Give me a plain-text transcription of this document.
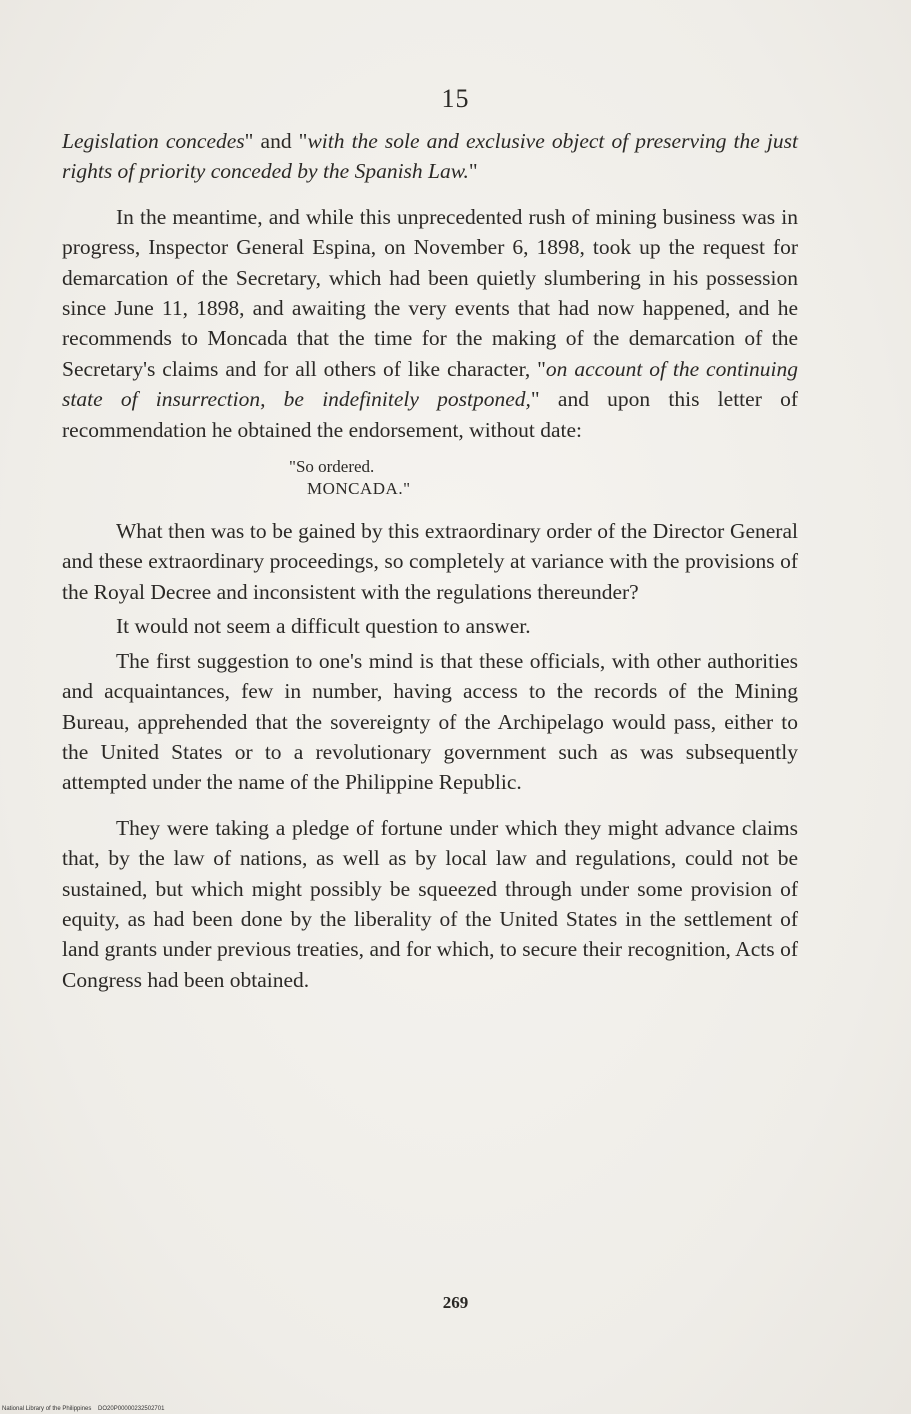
15

Legislation concedes" and "with the sole and exclusive object of preserving the just rights of priority conceded by the Spanish Law."

In the meantime, and while this unprecedented rush of mining business was in progress, Inspector General Espina, on November 6, 1898, took up the request for demarcation of the Secretary, which had been quietly slumbering in his possession since June 11, 1898, and awaiting the very events that had now happened, and he recommends to Moncada that the time for the making of the demarcation of the Secretary's claims and for all others of like character, "on account of the continuing state of insurrection, be indefinitely postponed," and upon this letter of recommendation he obtained the endorsement, without date:

"So ordered.
MONCADA."

What then was to be gained by this extraordinary order of the Director General and these extraordinary proceedings, so completely at variance with the provisions of the Royal Decree and inconsistent with the regulations thereunder?

It would not seem a difficult question to answer.

The first suggestion to one's mind is that these officials, with other authorities and acquaintances, few in number, having access to the records of the Mining Bureau, apprehended that the sovereignty of the Archipelago would pass, either to the United States or to a revolutionary government such as was subsequently attempted under the name of the Philippine Republic.

They were taking a pledge of fortune under which they might advance claims that, by the law of nations, as well as by local law and regulations, could not be sustained, but which might possibly be squeezed through under some provision of equity, as had been done by the liberality of the United States in the settlement of land grants under previous treaties, and for which, to secure their recognition, Acts of Congress had been obtained.

269
National Library of the Philippines    DO20P00000232502701
